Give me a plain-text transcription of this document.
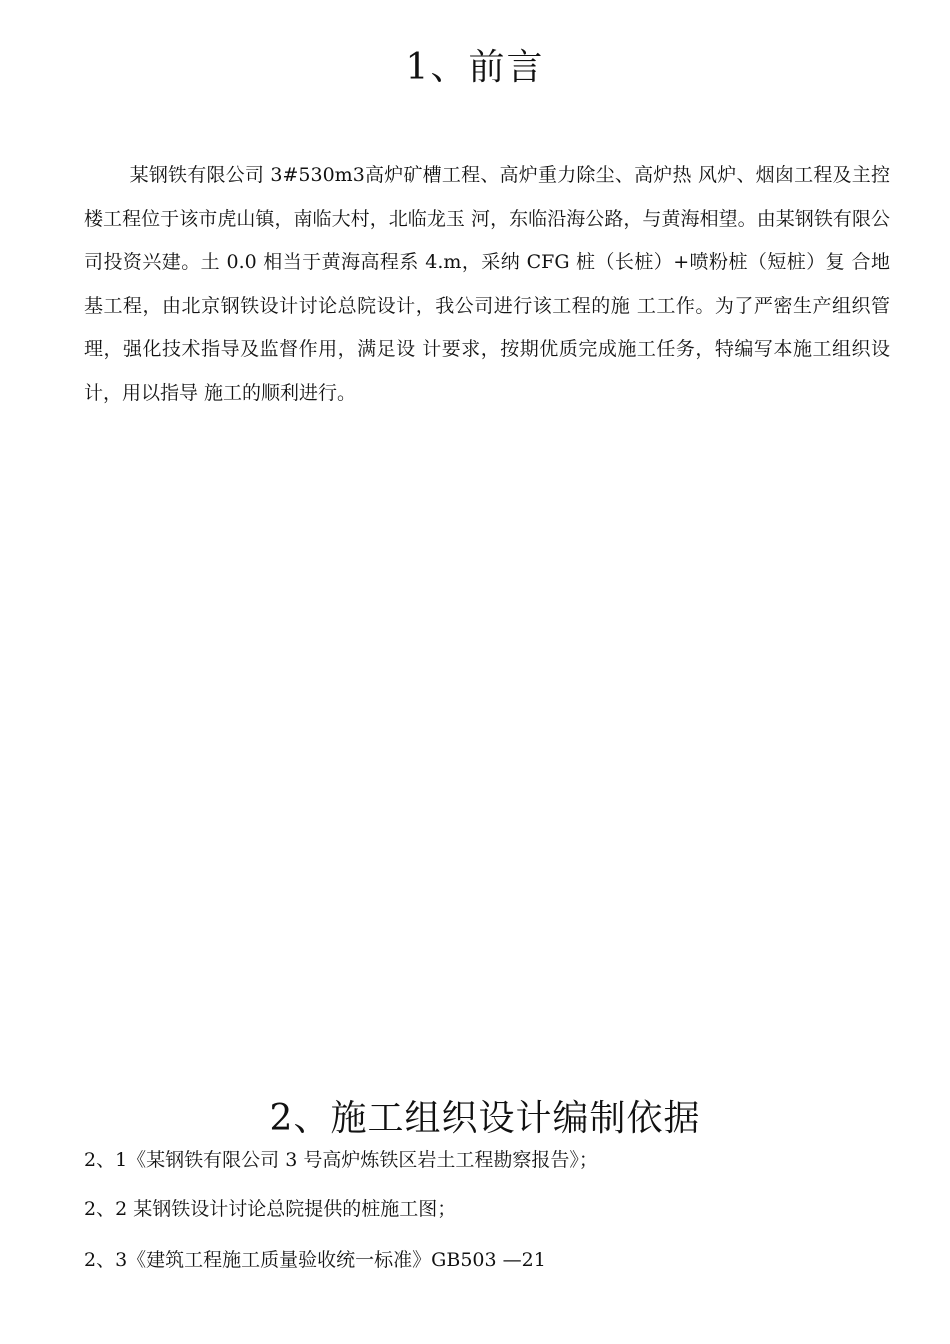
1、前言

某钢铁有限公司 3#530m3高炉矿槽工程、高炉重力除尘、高炉热 风炉、烟囱工程及主控楼工程位于该市虎山镇，南临大村，北临龙玉 河，东临沿海公路，与黄海相望。由某钢铁有限公司投资兴建。土 0.0 相当于黄海高程系 4.m，采纳 CFG 桩（长桩）+喷粉桩（短桩）复 合地基工程，由北京钢铁设计讨论总院设计，我公司进行该工程的施 工工作。为了严密生产组织管理，强化技术指导及监督作用，满足设 计要求，按期优质完成施工任务，特编写本施工组织设计，用以指导 施工的顺利进行。

2、施工组织设计编制依据
2、1《某钢铁有限公司 3 号高炉炼铁区岩土工程勘察报告》；
2、2 某钢铁设计讨论总院提供的桩施工图；
2、3《建筑工程施工质量验收统一标准》GB503 —21
